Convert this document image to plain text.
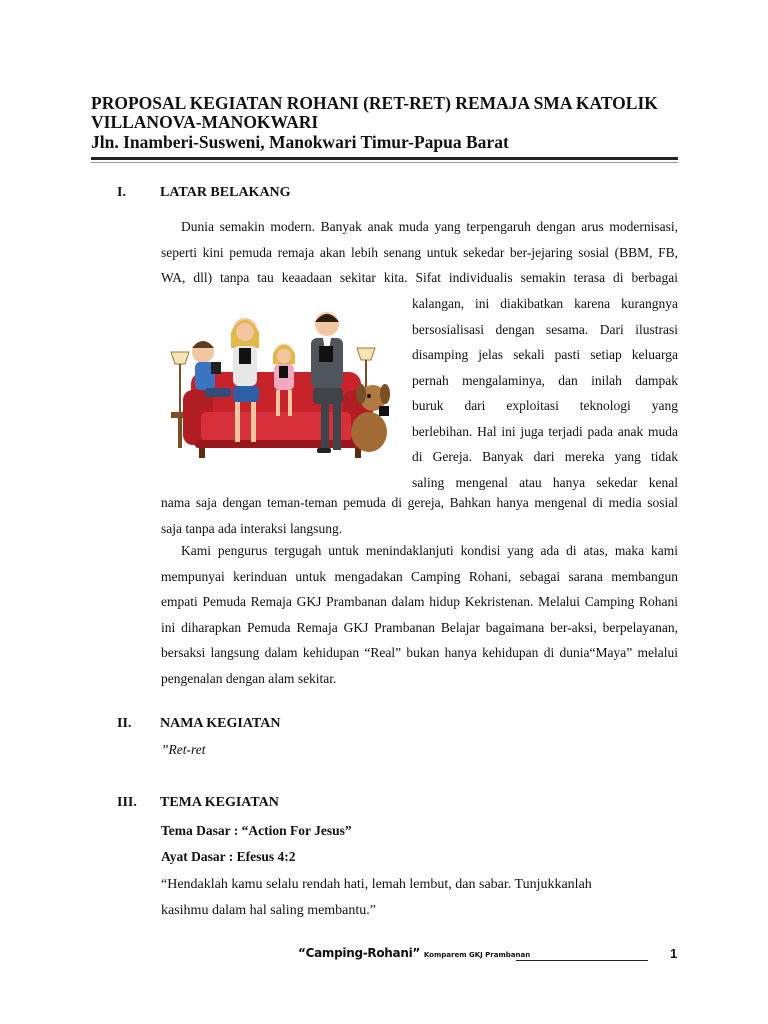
PROPOSAL KEGIATAN ROHANI (RET-RET) REMAJA SMA KATOLIK
VILLANOVA-MANOKWARI
Jln. Inamberi-Susweni, Manokwari Timur-Papua Barat
I. LATAR BELAKANG
Dunia semakin modern. Banyak anak muda yang terpengaruh dengan arus modernisasi,
seperti kini pemuda remaja akan lebih senang untuk sekedar ber-jejaring sosial (BBM, FB,
WA, dll) tanpa tau keaadaan sekitar kita. Sifat individualis semakin terasa di berbagai
kalangan, ini diakibatkan karena kurangnya
bersosialisasi dengan sesama. Dari ilustrasi
disamping jelas sekali pasti setiap keluarga
pernah mengalaminya, dan inilah dampak
buruk dari exploitasi teknologi yang
berlebihan. Hal ini juga terjadi pada anak muda
di Gereja. Banyak dari mereka yang tidak
saling mengenal atau hanya sekedar kenal
nama saja dengan teman-teman pemuda di gereja, Bahkan hanya mengenal di media sosial
saja tanpa ada interaksi langsung.
Kami pengurus tergugah untuk menindaklanjuti kondisi yang ada di atas, maka kami
mempunyai kerinduan untuk mengadakan Camping Rohani, sebagai sarana membangun
empati Pemuda Remaja GKJ Prambanan dalam hidup Kekristenan. Melalui Camping Rohani
ini diharapkan Pemuda Remaja GKJ Prambanan Belajar bagaimana ber-aksi, berpelayanan,
bersaksi langsung dalam kehidupan “Real” bukan hanya kehidupan di dunia“Maya” melalui
pengenalan dengan alam sekitar.
II. NAMA KEGIATAN
”Ret-ret
III. TEMA KEGIATAN
Tema Dasar : “Action For Jesus”
Ayat Dasar : Efesus 4:2
“Hendaklah kamu selalu rendah hati, lemah lembut, dan sabar. Tunjukkanlah
kasihmu dalam hal saling membantu.”
“Camping-Rohani” Komparem GKJ Prambanan	1
